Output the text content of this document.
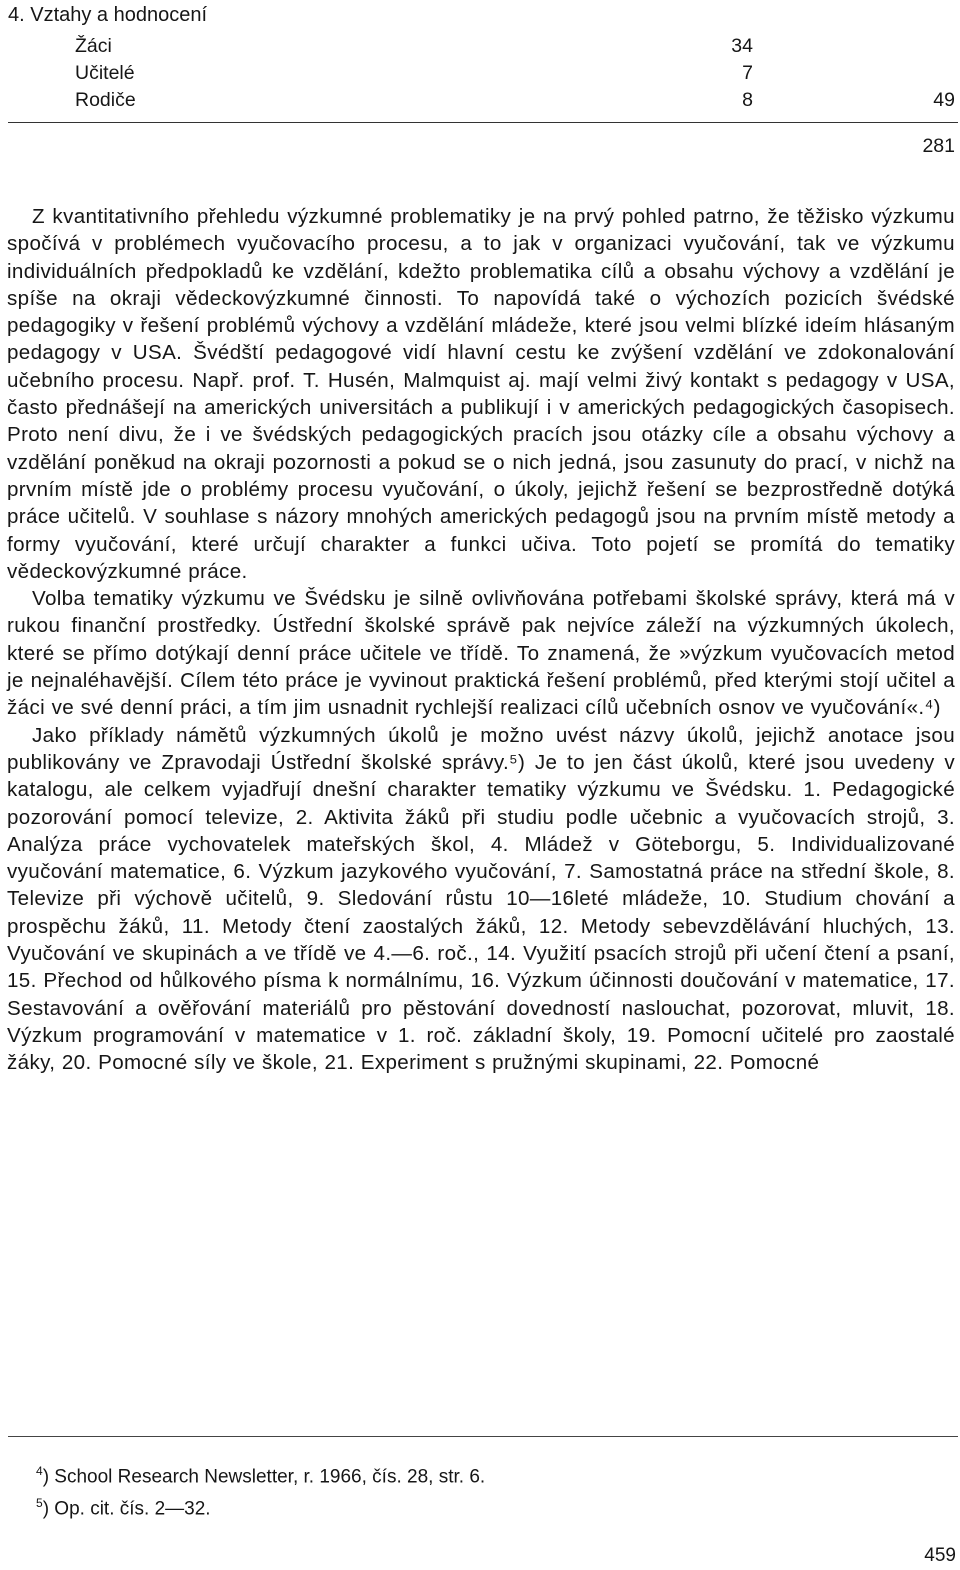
4. Vztahy a hodnocení
Žáci	34
Učitelé	7
Rodiče	8	49
281

Z kvantitativního přehledu výzkumné problematiky je na prvý pohled patrno, že těžisko výzkumu spočívá v problémech vyučovacího procesu, a to jak v organizaci vyučování, tak ve výzkumu individuálních předpokladů ke vzdělání, kdežto problematika cílů a obsahu výchovy a vzdělání je spíše na okraji vědeckovýzkumné činnosti. To napovídá také o výchozích pozicích švédské pedagogiky v řešení problémů výchovy a vzdělání mládeže, které jsou velmi blízké ideím hlásaným pedagogy v USA. Švédští pedagogové vidí hlavní cestu ke zvýšení vzdělání ve zdokonalování učebního procesu. Např. prof. T. Husén, Malmquist aj. mají velmi živý kontakt s pedagogy v USA, často přednášejí na amerických universitách a publikují i v amerických pedagogických časopisech. Proto není divu, že i ve švédských pedagogických pracích jsou otázky cíle a obsahu výchovy a vzdělání poněkud na okraji pozornosti a pokud se o nich jedná, jsou zasunuty do prací, v nichž na prvním místě jde o problémy procesu vyučování, o úkoly, jejichž řešení se bezprostředně dotýká práce učitelů. V souhlase s názory mnohých amerických pedagogů jsou na prvním místě metody a formy vyučování, které určují charakter a funkci učiva. Toto pojetí se promítá do tematiky vědeckovýzkumné práce.

Volba tematiky výzkumu ve Švédsku je silně ovlivňována potřebami školské správy, která má v rukou finanční prostředky. Ústřední školské správě pak nejvíce záleží na výzkumných úkolech, které se přímo dotýkají denní práce učitele ve třídě. To znamená, že »výzkum vyučovacích metod je nejnaléhavější. Cílem této práce je vyvinout praktická řešení problémů, před kterými stojí učitel a žáci ve své denní práci, a tím jim usnadnit rychlejší realizaci cílů učebních osnov ve vyučování«.⁴)

Jako příklady námětů výzkumných úkolů je možno uvést názvy úkolů, jejichž anotace jsou publikovány ve Zpravodaji Ústřední školské správy.⁵) Je to jen část úkolů, které jsou uvedeny v katalogu, ale celkem vyjadřují dnešní charakter tematiky výzkumu ve Švédsku. 1. Pedagogické pozorování pomocí televize, 2. Aktivita žáků při studiu podle učebnic a vyučovacích strojů, 3. Analýza práce vychovatelek mateřských škol, 4. Mládež v Göteborgu, 5. Individualizované vyučování matematice, 6. Výzkum jazykového vyučování, 7. Samostatná práce na střední škole, 8. Televize při výchově učitelů, 9. Sledování růstu 10—16leté mládeže, 10. Studium chování a prospěchu žáků, 11. Metody čtení zaostalých žáků, 12. Metody sebevzdělávání hluchých, 13. Vyučování ve skupinách a ve třídě ve 4.—6. roč., 14. Využití psacích strojů při učení čtení a psaní, 15. Přechod od hůlkového písma k normálnímu, 16. Výzkum účinnosti doučování v matematice, 17. Sestavování a ověřování materiálů pro pěstování dovedností naslouchat, pozorovat, mluvit, 18. Výzkum programování v matematice v 1. roč. základní školy, 19. Pomocní učitelé pro zaostalé žáky, 20. Pomocné síly ve škole, 21. Experiment s pružnými skupinami, 22. Pomocné

$^4$) School Research Newsletter, r. 1966, čís. 28, str. 6.
$^5$) Op. cit. čís. 2—32.
459
